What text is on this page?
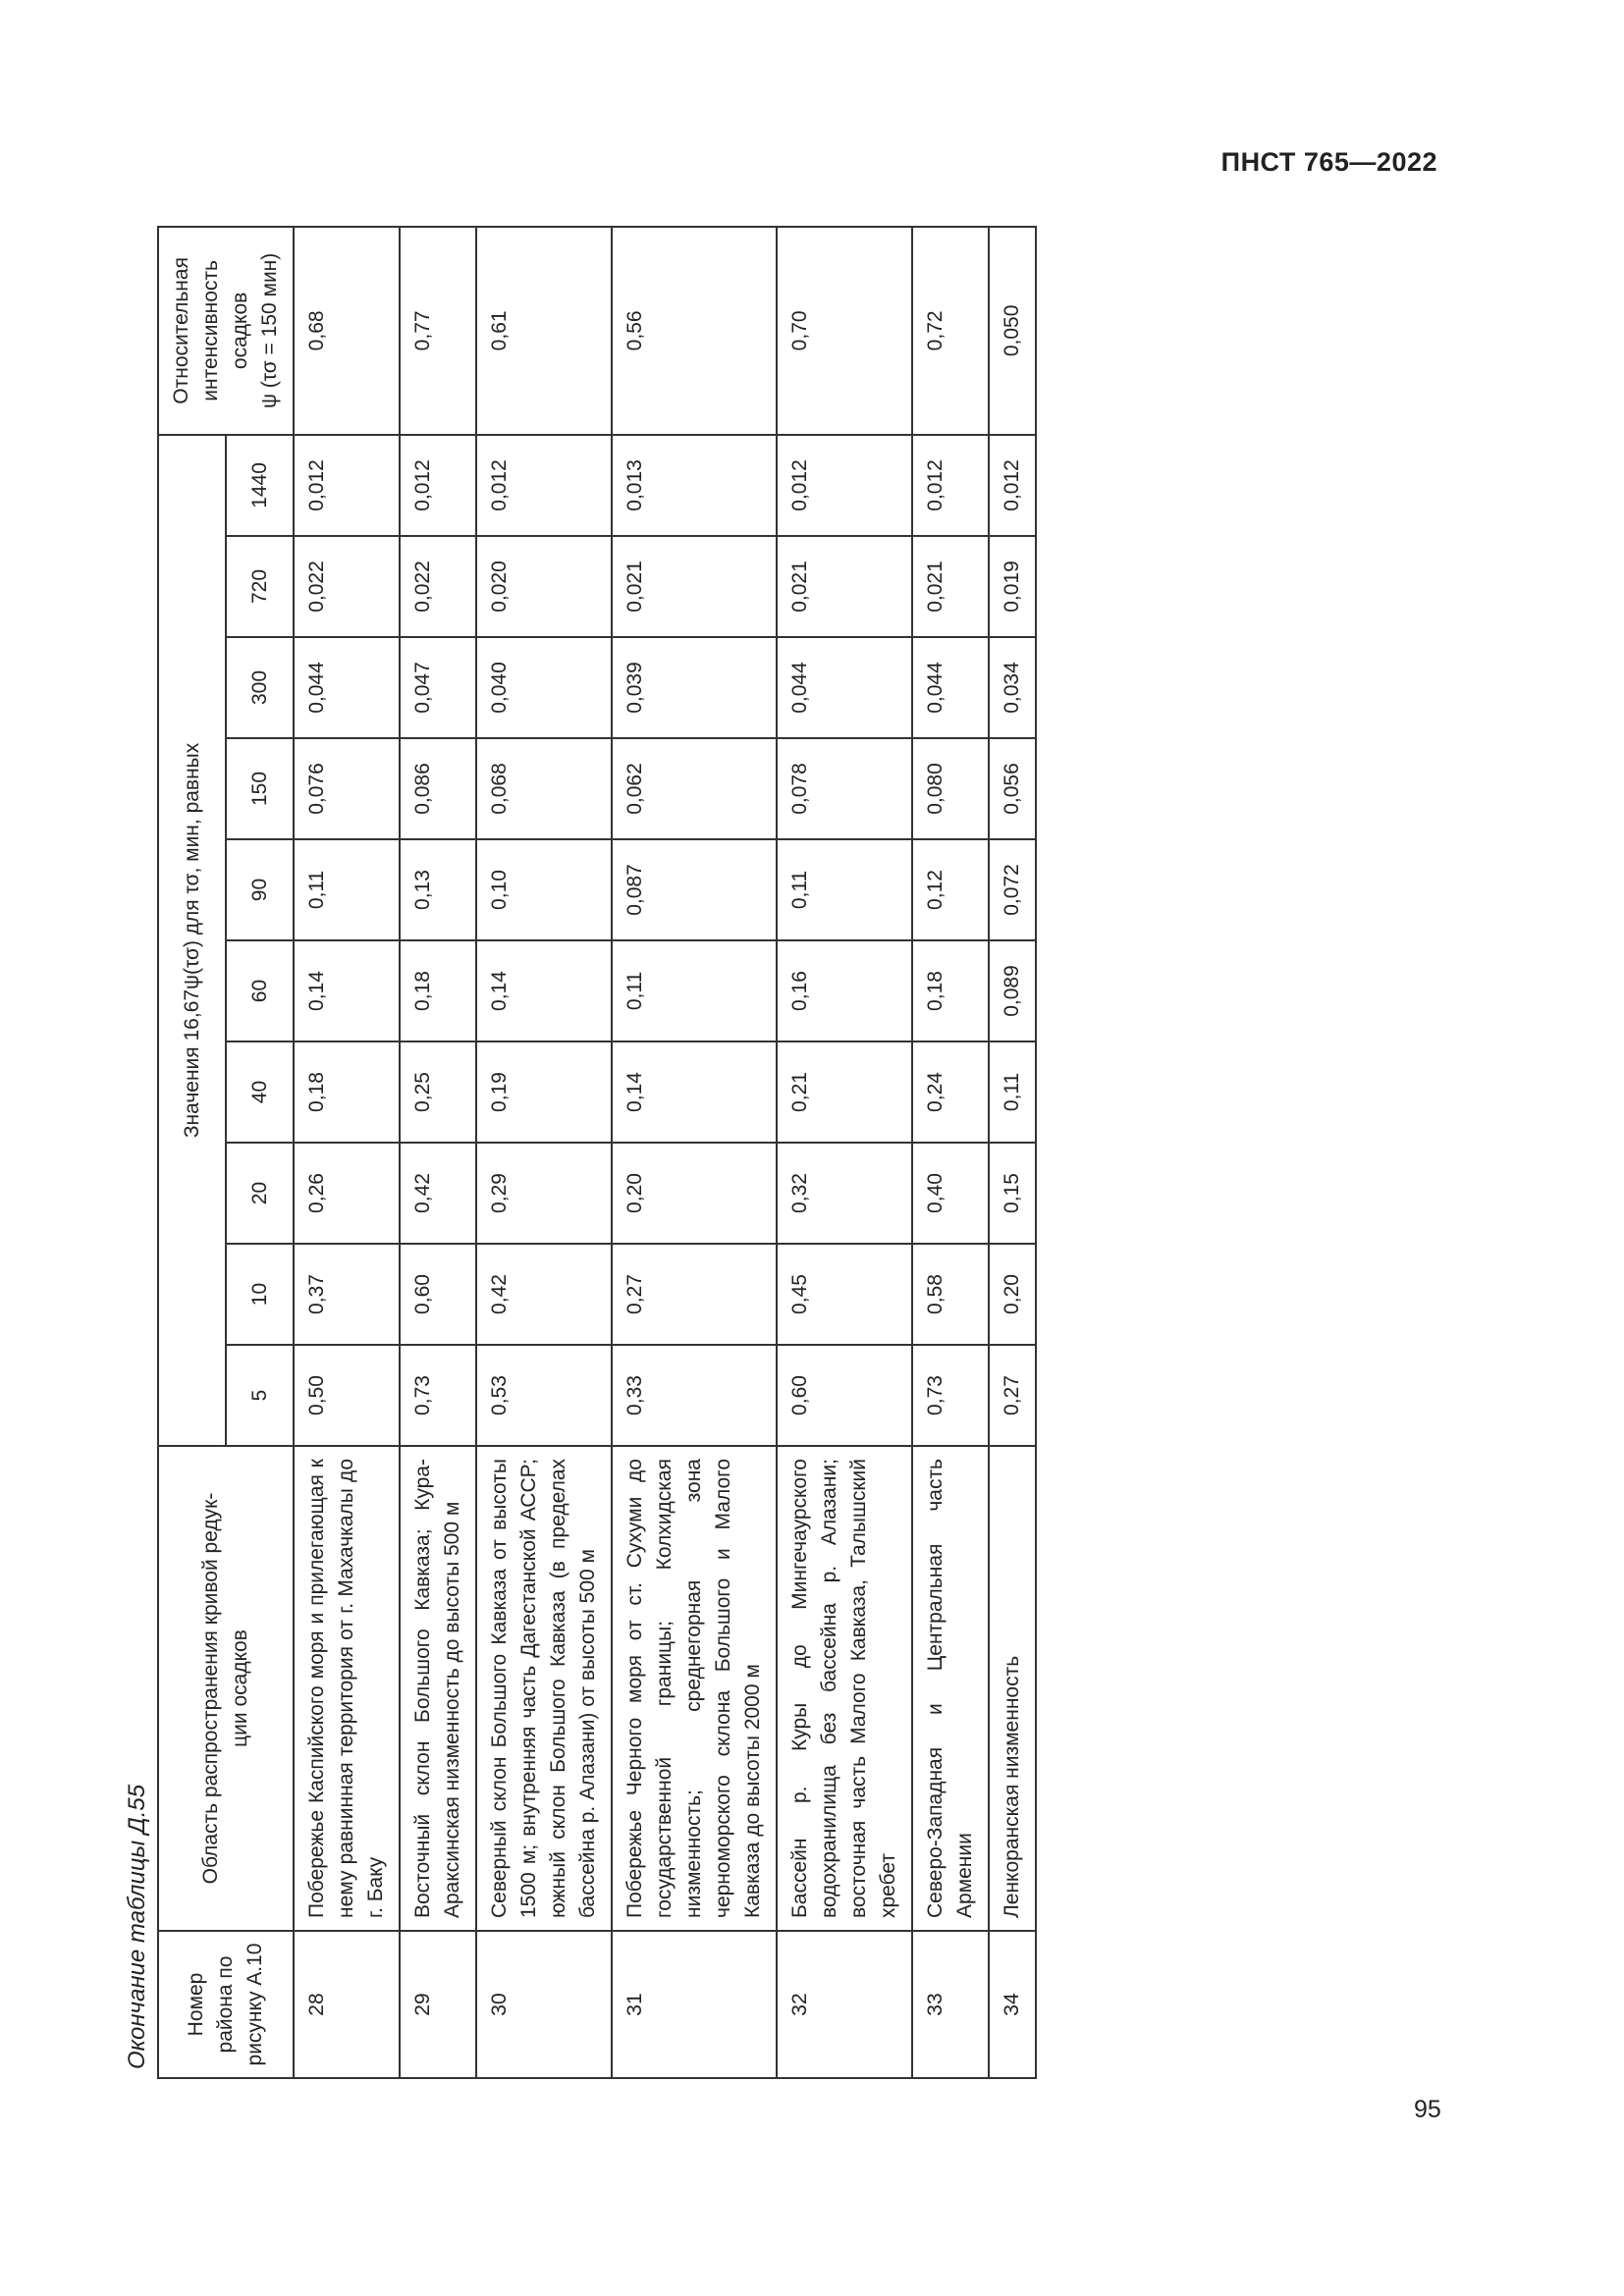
ПНСТ 765—2022
Окончание таблицы Д.55	Номер района по рисунку А.10	Область распространения кривой редук- ции осадков	Значения 16,67ψ(τσ) для τσ, мин, равных										Относительная интенсивность осадков ψ (τσ = 150 мин)

		5	10	20	40	60	90	150	300	720	1440	
28	Побережье Каспийского моря и прилегающая к нему равнинная территория от г. Махачкалы до г. Баку	0,50	0,37	0,26	0,18	0,14	0,11	0,076	0,044	0,022	0,012	0,68
29	Восточный склон Большого Кавказа; Кура-Араксинская низменность до высоты 500 м	0,73	0,60	0,42	0,25	0,18	0,13	0,086	0,047	0,022	0,012	0,77
30	Северный склон Большого Кавказа от высоты 1500 м; внутренняя часть Дагестанской АССР; южный склон Большого Кавказа (в пределах бассейна р. Алазани) от высоты 500 м	0,53	0,42	0,29	0,19	0,14	0,10	0,068	0,040	0,020	0,012	0,61
31	Побережье Черного моря от ст. Сухуми до государственной границы; Колхидская низменность; среднегорная зона черноморского склона Большого и Малого Кавказа до высоты 2000 м	0,33	0,27	0,20	0,14	0,11	0,087	0,062	0,039	0,021	0,013	0,56
32	Бассейн р. Куры до Мингечаурского водохранилища без бассейна р. Алазани; восточная часть Малого Кавказа, Талышский хребет	0,60	0,45	0,32	0,21	0,16	0,11	0,078	0,044	0,021	0,012	0,70
33	Северо-Западная и Центральная часть Армении	0,73	0,58	0,40	0,24	0,18	0,12	0,080	0,044	0,021	0,012	0,72
34	Ленкоранская низменность	0,27	0,20	0,15	0,11	0,089	0,072	0,056	0,034	0,019	0,012	0,050
95
